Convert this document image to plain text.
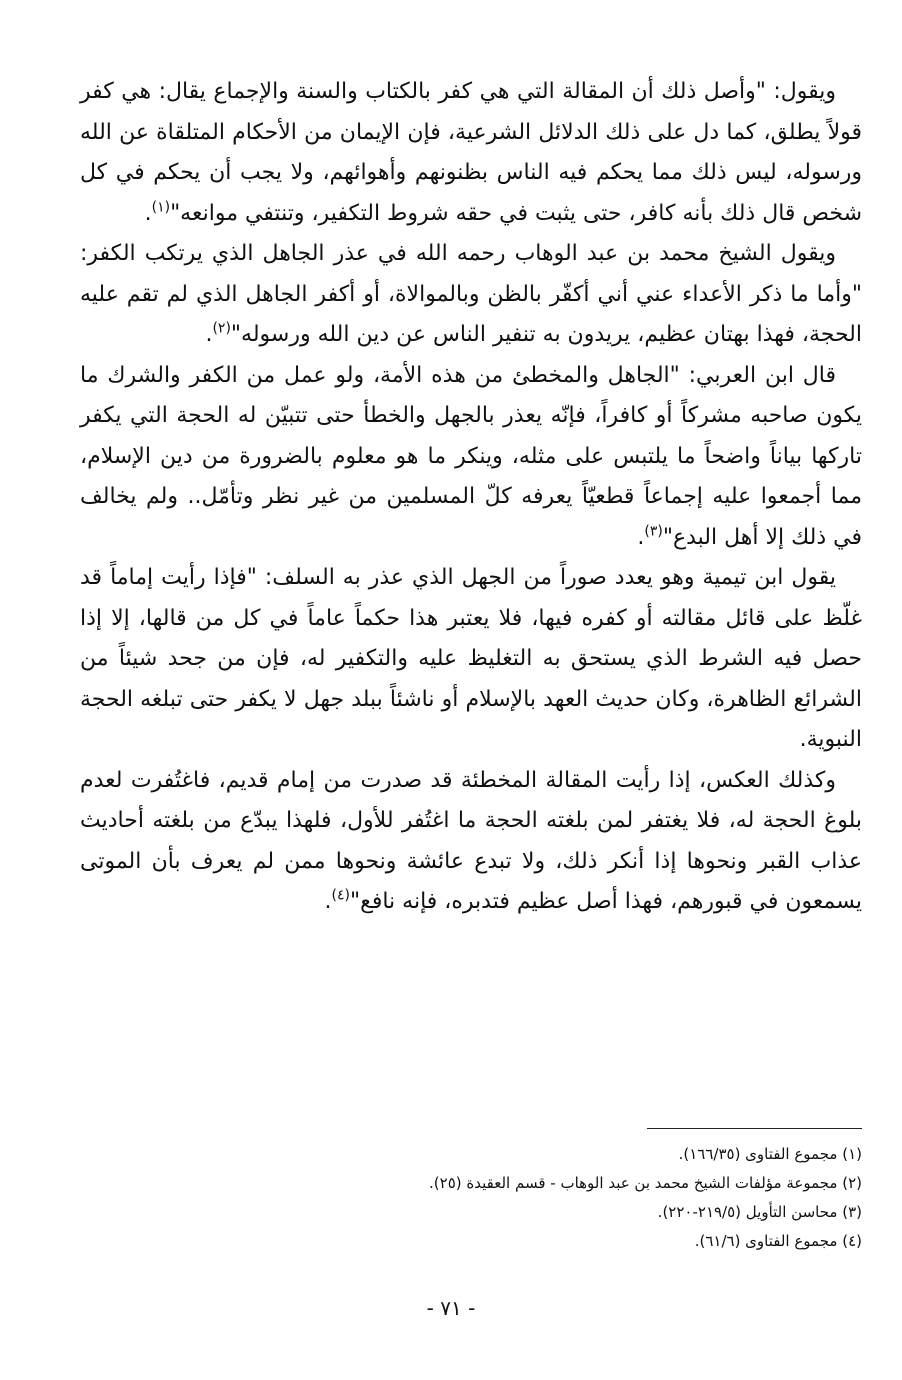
ويقول: "وأصل ذلك أن المقالة التي هي كفر بالكتاب والسنة والإجماع يقال: هي كفر قولاً يطلق، كما دل على ذلك الدلائل الشرعية، فإن الإيمان من الأحكام المتلقاة عن الله ورسوله، ليس ذلك مما يحكم فيه الناس بظنونهم وأهوائهم، ولا يجب أن يحكم في كل شخص قال ذلك بأنه كافر، حتى يثبت في حقه شروط التكفير، وتنتفي موانعه"$^{(١)}$.

ويقول الشيخ محمد بن عبد الوهاب رحمه الله في عذر الجاهل الذي يرتكب الكفر: "وأما ما ذكر الأعداء عني أني أكفّر بالظن وبالموالاة، أو أكفر الجاهل الذي لم تقم عليه الحجة، فهذا بهتان عظيم، يريدون به تنفير الناس عن دين الله ورسوله"$^{(٢)}$.

قال ابن العربي: "الجاهل والمخطئ من هذه الأمة، ولو عمل من الكفر والشرك ما يكون صاحبه مشركاً أو كافراً، فإنّه يعذر بالجهل والخطأ حتى تتبيّن له الحجة التي يكفر تاركها بياناً واضحاً ما يلتبس على مثله، وينكر ما هو معلوم بالضرورة من دين الإسلام، مما أجمعوا عليه إجماعاً قطعيّاً يعرفه كلّ المسلمين من غير نظر وتأمّل.. ولم يخالف في ذلك إلا أهل البدع"$^{(٣)}$.

يقول ابن تيمية وهو يعدد صوراً من الجهل الذي عذر به السلف: "فإذا رأيت إماماً قد غلّظ على قائل مقالته أو كفره فيها، فلا يعتبر هذا حكماً عاماً في كل من قالها، إلا إذا حصل فيه الشرط الذي يستحق به التغليظ عليه والتكفير له، فإن من جحد شيئاً من الشرائع الظاهرة، وكان حديث العهد بالإسلام أو ناشئاً ببلد جهل لا يكفر حتى تبلغه الحجة النبوية.

وكذلك العكس، إذا رأيت المقالة المخطئة قد صدرت من إمام قديم، فاغتُفرت لعدم بلوغ الحجة له، فلا يغتفر لمن بلغته الحجة ما اغتُفر للأول، فلهذا يبدّع من بلغته أحاديث عذاب القبر ونحوها إذا أنكر ذلك، ولا تبدع عائشة ونحوها ممن لم يعرف بأن الموتى يسمعون في قبورهم، فهذا أصل عظيم فتدبره، فإنه نافع"$^{(٤)}$.

(١) مجموع الفتاوى (١٦٦/٣٥).
(٢) مجموعة مؤلفات الشيخ محمد بن عبد الوهاب - قسم العقيدة (٢٥).
(٣) محاسن التأويل (٢١٩/٥-٢٢٠).
(٤) مجموع الفتاوى (٦١/٦).
- ٧١ -
